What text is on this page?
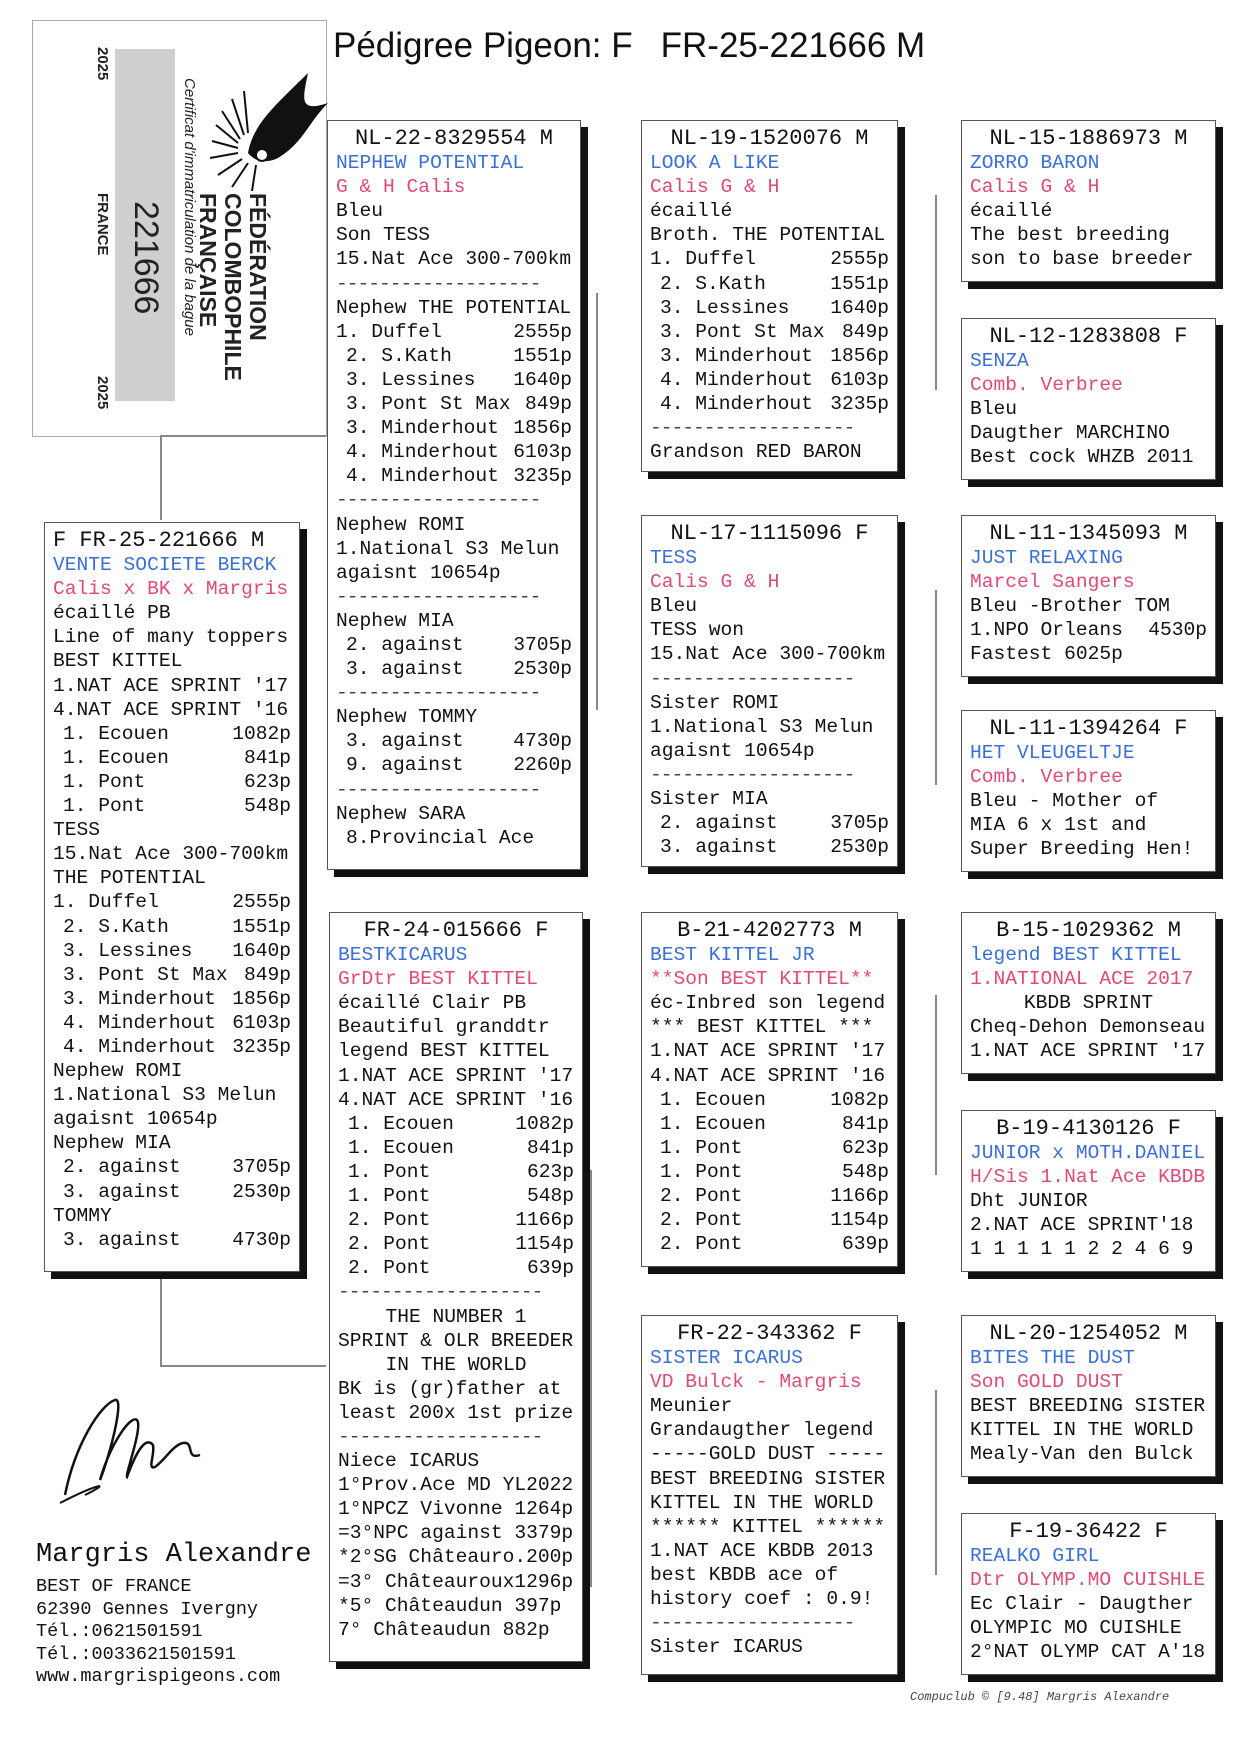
Pédigree Pigeon: F FR-25-221666 M
2025
2025
FRANCE 221666 Certificat d'immatriculation de la bague FÉDÉRATION
COLOMBOPHILE
FRANÇAISE
F FR-25-221666 M
VENTE SOCIETE BERCK
Calis x BK x Margris
écaillé PB
Line of many toppers
BEST KITTEL
1.NAT ACE SPRINT '17
4.NAT ACE SPRINT '16
1. Ecouen	1082p
1. Ecouen	841p
1. Pont	623p
1. Pont	548p
TESS
15.Nat Ace 300-700km
THE POTENTIAL
1. Duffel	2555p
2. S.Kath	1551p
3. Lessines 1640p
3. Pont St Max 849p
3. Minderhout 1856p
4. Minderhout 6103p
4. Minderhout 3235p
Nephew ROMI
1.National S3 Melun
agaisnt 10654p
Nephew MIA
2. against	3705p
3. against	2530p
TOMMY
3. against	4730p
NL-22-8329554 M
NEPHEW POTENTIAL
G & H Calis
Bleu
Son TESS
15.Nat Ace 300-700km
-------------------
Nephew THE POTENTIAL
1. Duffel	2555p
2. S.Kath	1551p
3. Lessines 1640p
3. Pont St Max 849p
3. Minderhout 1856p
4. Minderhout 6103p
4. Minderhout 3235p
-------------------
Nephew ROMI
1.National S3 Melun
agaisnt 10654p
-------------------
Nephew MIA
2. against	3705p
3. against	2530p
-------------------
Nephew TOMMY
3. against	4730p
9. against	2260p
-------------------
Nephew SARA
8.Provincial Ace
FR-24-015666 F
BESTKICARUS
GrDtr BEST KITTEL
écaillé Clair PB
Beautiful granddtr
legend BEST KITTEL
1.NAT ACE SPRINT '17
4.NAT ACE SPRINT '16
1. Ecouen	1082p
1. Ecouen	841p
1. Pont	623p
1. Pont	548p
2. Pont	1166p
2. Pont	1154p
2. Pont	639p
-------------------
THE NUMBER 1
SPRINT & OLR BREEDER
IN THE WORLD
BK is (gr)father at
least 200x 1st prize
-------------------
Niece ICARUS
1°Prov.Ace MD YL2022
1°NPCZ Vivonne 1264p
=3°NPC against 3379p
*2°SG Châteauro.200p
=3° Châteauroux1296p
*5° Châteaudun 397p
7° Châteaudun 882p
NL-19-1520076 M
LOOK A LIKE
Calis G & H
écaillé
Broth. THE POTENTIAL
1. Duffel	2555p
2. S.Kath	1551p
3. Lessines 1640p
3. Pont St Max 849p
3. Minderhout 1856p
4. Minderhout 6103p
4. Minderhout 3235p
-------------------
Grandson RED BARON
NL-17-1115096 F
TESS
Calis G & H
Bleu
TESS won
15.Nat Ace 300-700km
-------------------
Sister ROMI
1.National S3 Melun
agaisnt 10654p
-------------------
Sister MIA
2. against	3705p
3. against	2530p
B-21-4202773 M
BEST KITTEL JR
**Son BEST KITTEL**
éc-Inbred son legend
*** BEST KITTEL ***
1.NAT ACE SPRINT '17
4.NAT ACE SPRINT '16
1. Ecouen	1082p
1. Ecouen	841p
1. Pont	623p
1. Pont	548p
2. Pont	1166p
2. Pont	1154p
2. Pont	639p
FR-22-343362 F
SISTER ICARUS
VD Bulck - Margris
Meunier
Grandaugther legend
-----GOLD DUST -----
BEST BREEDING SISTER
KITTEL IN THE WORLD
****** KITTEL ******
1.NAT ACE KBDB 2013
best KBDB ace of
history coef : 0.9!
-------------------
Sister ICARUS
NL-15-1886973 M
ZORRO BARON
Calis G & H
écaillé
The best breeding
son to base breeder
NL-12-1283808 F
SENZA
Comb. Verbree
Bleu
Daugther MARCHINO
Best cock WHZB 2011
NL-11-1345093 M
JUST RELAXING
Marcel Sangers
Bleu -Brother TOM
1.NPO Orleans 4530p
Fastest 6025p
NL-11-1394264 F
HET VLEUGELTJE
Comb. Verbree
Bleu - Mother of
MIA 6 x 1st and
Super Breeding Hen!
B-15-1029362 M
legend BEST KITTEL
1.NATIONAL ACE 2017
KBDB SPRINT
Cheq-Dehon Demonseau
1.NAT ACE SPRINT '17
B-19-4130126 F
JUNIOR x MOTH.DANIEL
H/Sis 1.Nat Ace KBDB
Dht JUNIOR
2.NAT ACE SPRINT'18
1 1 1 1 1 2 2 4 6 9
NL-20-1254052 M
BITES THE DUST
Son GOLD DUST
BEST BREEDING SISTER
KITTEL IN THE WORLD
Mealy-Van den Bulck
F-19-36422 F
REALKO GIRL
Dtr OLYMP.MO CUISHLE
Ec Clair - Daugther
OLYMPIC MO CUISHLE
2°NAT OLYMP CAT A'18
Margris Alexandre
BEST OF FRANCE
62390 Gennes Ivergny
Tél.:0621501591
Tél.:0033621501591
www.margrispigeons.com
Compuclub © [9.48] Margris Alexandre
